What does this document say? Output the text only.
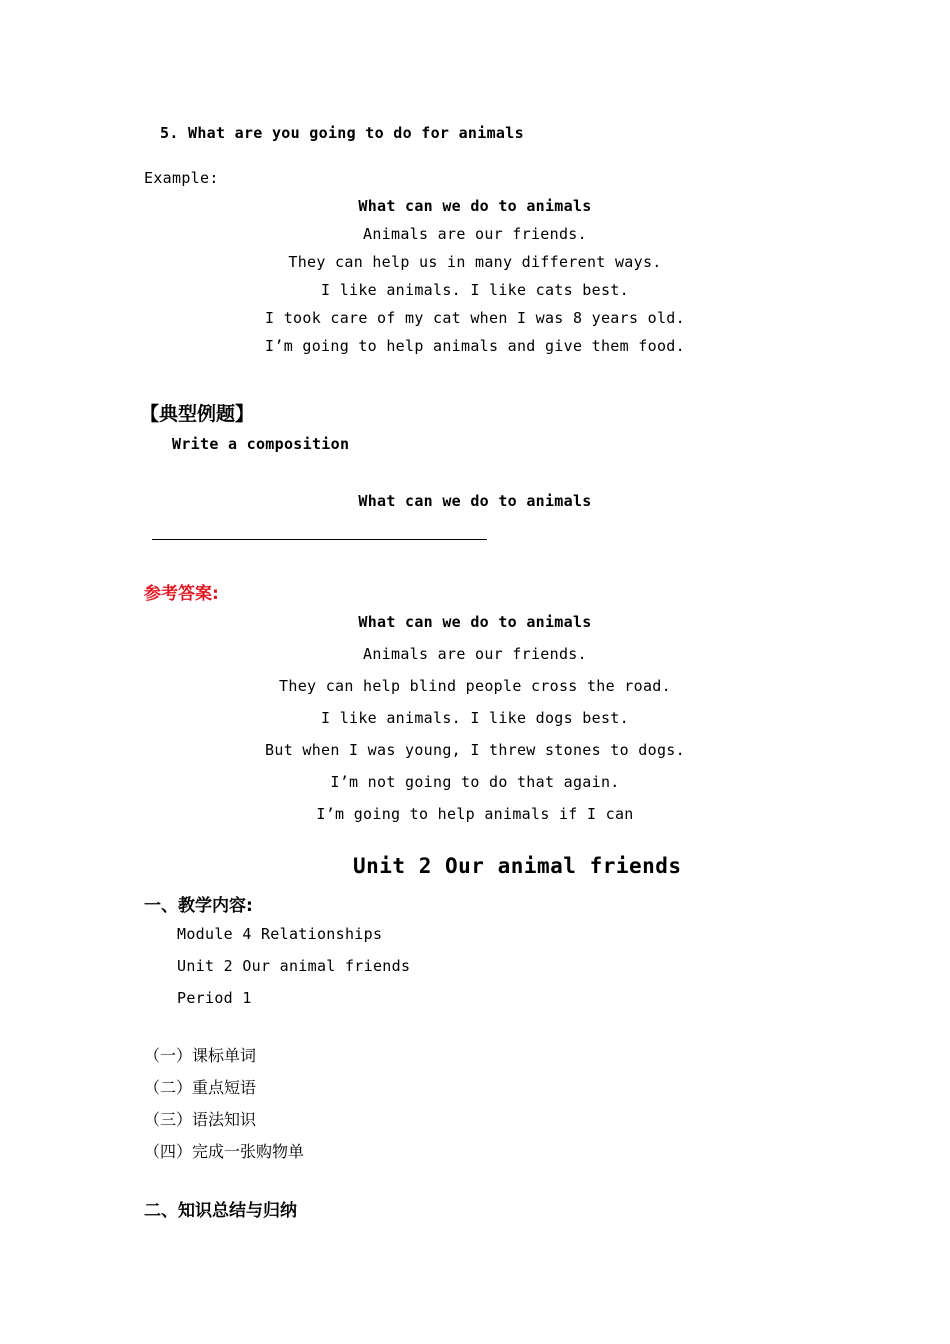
5. What are you going to do for animals
Example:
What can we do to animals
Animals are our friends.
They can help us in many different ways.
I like animals. I like cats best.
I took care of my cat when I was 8 years old.
I’m going to help animals and give them food.
【典型例题】
Write a composition
What can we do to animals
参考答案:
What can we do to animals
Animals are our friends.
They can help blind people cross the road.
I like animals. I like dogs best.
But when I was young, I threw stones to dogs.
I’m not going to do that again.
I’m going to help animals if I can
Unit 2 Our animal friends
一、教学内容:
Module 4 Relationships
Unit 2 Our animal friends
Period 1
（一）课标单词
（二）重点短语
（三）语法知识
（四）完成一张购物单
二、知识总结与归纳
